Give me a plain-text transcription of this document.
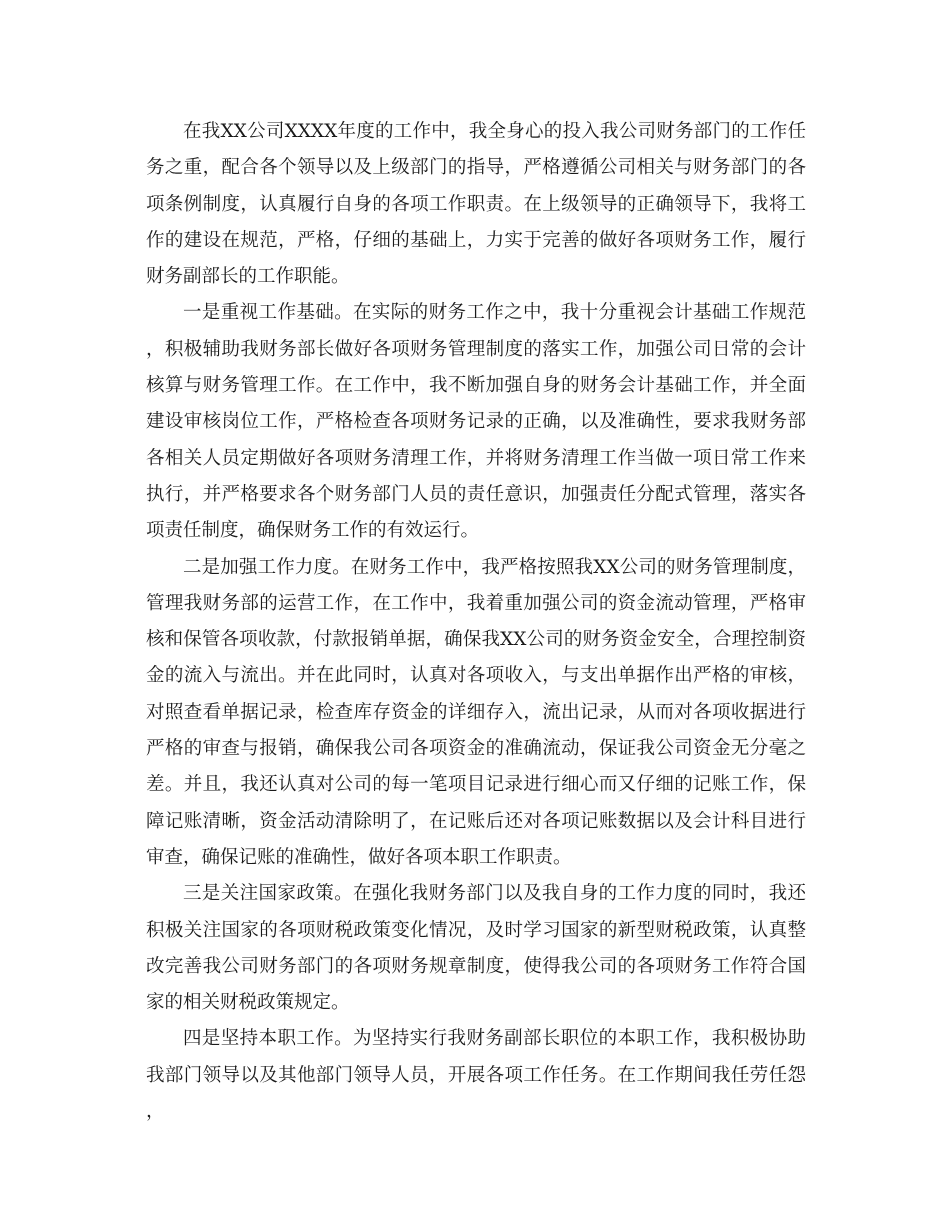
在我XX公司XXXX年度的工作中，我全身心的投入我公司财务部门的工作任务之重，配合各个领导以及上级部门的指导，严格遵循公司相关与财务部门的各项条例制度，认真履行自身的各项工作职责。在上级领导的正确领导下，我将工作的建设在规范，严格，仔细的基础上，力实于完善的做好各项财务工作，履行财务副部长的工作职能。

一是重视工作基础。在实际的财务工作之中，我十分重视会计基础工作规范，积极辅助我财务部长做好各项财务管理制度的落实工作，加强公司日常的会计核算与财务管理工作。在工作中，我不断加强自身的财务会计基础工作，并全面建设审核岗位工作，严格检查各项财务记录的正确，以及准确性，要求我财务部各相关人员定期做好各项财务清理工作，并将财务清理工作当做一项日常工作来执行，并严格要求各个财务部门人员的责任意识，加强责任分配式管理，落实各项责任制度，确保财务工作的有效运行。

二是加强工作力度。在财务工作中，我严格按照我XX公司的财务管理制度，管理我财务部的运营工作，在工作中，我着重加强公司的资金流动管理，严格审核和保管各项收款，付款报销单据，确保我XX公司的财务资金安全，合理控制资金的流入与流出。并在此同时，认真对各项收入，与支出单据作出严格的审核，对照查看单据记录，检查库存资金的详细存入，流出记录，从而对各项收据进行严格的审查与报销，确保我公司各项资金的准确流动，保证我公司资金无分毫之差。并且，我还认真对公司的每一笔项目记录进行细心而又仔细的记账工作，保障记账清晰，资金活动清除明了，在记账后还对各项记账数据以及会计科目进行审查，确保记账的准确性，做好各项本职工作职责。

三是关注国家政策。在强化我财务部门以及我自身的工作力度的同时，我还积极关注国家的各项财税政策变化情况，及时学习国家的新型财税政策，认真整改完善我公司财务部门的各项财务规章制度，使得我公司的各项财务工作符合国家的相关财税政策规定。

四是坚持本职工作。为坚持实行我财务副部长职位的本职工作，我积极协助我部门领导以及其他部门领导人员，开展各项工作任务。在工作期间我任劳任怨，
